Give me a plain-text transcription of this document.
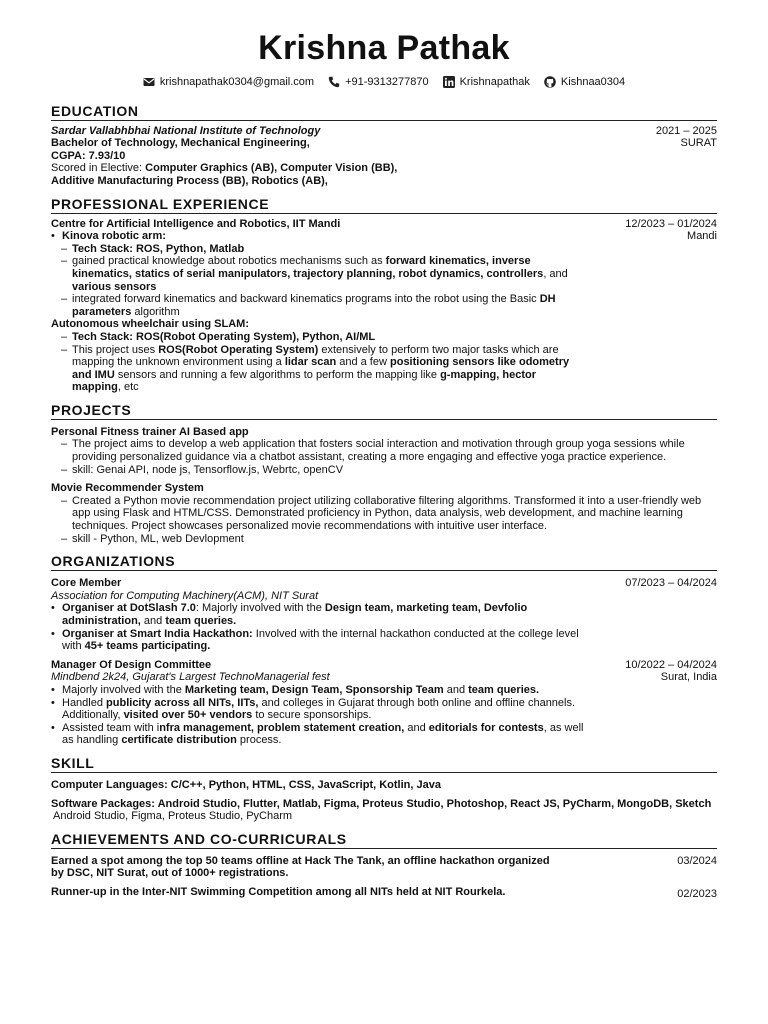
Krishna Pathak
krishnapathak0304@gmail.com	+91-9313277870	Krishnapathak	Kishnaa0304
EDUCATION
Sardar Vallabhbhai National Institute of Technology
Bachelor of Technology, Mechanical Engineering,
CGPA: 7.93/10
Scored in Elective: Computer Graphics (AB), Computer Vision (BB),
Additive Manufacturing Process (BB), Robotics (AB),
2021 – 2025
SURAT
PROFESSIONAL EXPERIENCE
Centre for Artificial Intelligence and Robotics, IIT Mandi
• Kinova robotic arm:
– Tech Stack: ROS, Python, Matlab
– gained practical knowledge about robotics mechanisms such as forward kinematics, inverse kinematics, statics of serial manipulators, trajectory planning, robot dynamics, controllers, and various sensors
– integrated forward kinematics and backward kinematics programs into the robot using the Basic DH parameters algorithm
Autonomous wheelchair using SLAM:
– Tech Stack: ROS(Robot Operating System), Python, AI/ML
– This project uses ROS(Robot Operating System) extensively to perform two major tasks which are mapping the unknown environment using a lidar scan and a few positioning sensors like odometry and IMU sensors and running a few algorithms to perform the mapping like g-mapping, hector mapping, etc
12/2023 – 01/2024
Mandi
PROJECTS
Personal Fitness trainer AI Based app
– The project aims to develop a web application that fosters social interaction and motivation through group yoga sessions while providing personalized guidance via a chatbot assistant, creating a more engaging and effective yoga practice experience.
– skill: Genai API, node js, Tensorflow.js, Webrtc, openCV
Movie Recommender System
– Created a Python movie recommendation project utilizing collaborative filtering algorithms. Transformed it into a user-friendly web app using Flask and HTML/CSS. Demonstrated proficiency in Python, data analysis, web development, and machine learning techniques. Project showcases personalized movie recommendations with intuitive user interface.
– skill - Python, ML, web Devlopment
ORGANIZATIONS
Core Member
Association for Computing Machinery(ACM), NIT Surat
• Organiser at DotSlash 7.0: Majorly involved with the Design team, marketing team, Devfolio administration, and team queries.
• Organiser at Smart India Hackathon: Involved with the internal hackathon conducted at the college level with 45+ teams participating.
07/2023 – 04/2024
Manager Of Design Committee
Mindbend 2k24, Gujarat's Largest TechnoManagerial fest
• Majorly involved with the Marketing team, Design Team, Sponsorship Team and team queries.
• Handled publicity across all NITs, IITs, and colleges in Gujarat through both online and offline channels. Additionally, visited over 50+ vendors to secure sponsorships.
• Assisted team with infra management, problem statement creation, and editorials for contests, as well as handling certificate distribution process.
10/2022 – 04/2024
Surat, India
SKILL
Computer Languages: C/C++, Python, HTML, CSS, JavaScript, Kotlin, Java
Software Packages: Android Studio, Flutter, Matlab, Figma, Proteus Studio, Photoshop, React JS, PyCharm, MongoDB, Sketch
Android Studio, Figma, Proteus Studio, PyCharm
ACHIEVEMENTS AND CO-CURRICURALS
Earned a spot among the top 50 teams offline at Hack The Tank, an offline hackathon organized by DSC, NIT Surat, out of 1000+ registrations.
03/2024
Runner-up in the Inter-NIT Swimming Competition among all NITs held at NIT Rourkela.	02/2023
